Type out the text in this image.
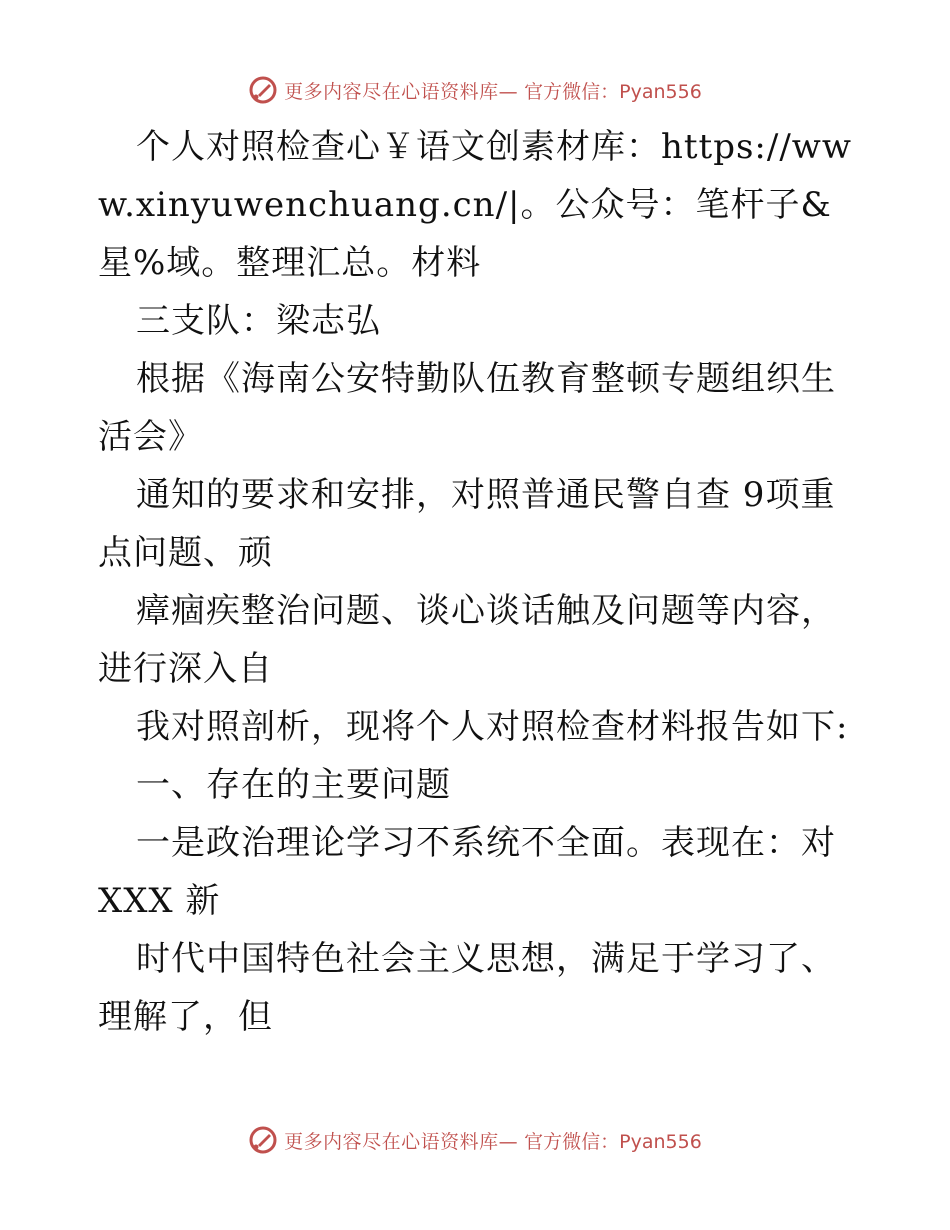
更多内容尽在心语资料库— 官方微信：Pyan556

个人对照检查心￥语文创素材库：https://www.xinyuwenchuang.cn/|。公众号：笔杆子&星%域。整理汇总。材料

三支队：梁志弘

根据《海南公安特勤队伍教育整顿专题组织生活会》

通知的要求和安排，对照普通民警自查 9项重点问题、顽

瘴痼疾整治问题、谈心谈话触及问题等内容，进行深入自

我对照剖析，现将个人对照检查材料报告如下:

一、存在的主要问题

一是政治理论学习不系统不全面。表现在：对 XXX 新

时代中国特色社会主义思想，满足于学习了、理解了，但

更多内容尽在心语资料库— 官方微信：Pyan556
